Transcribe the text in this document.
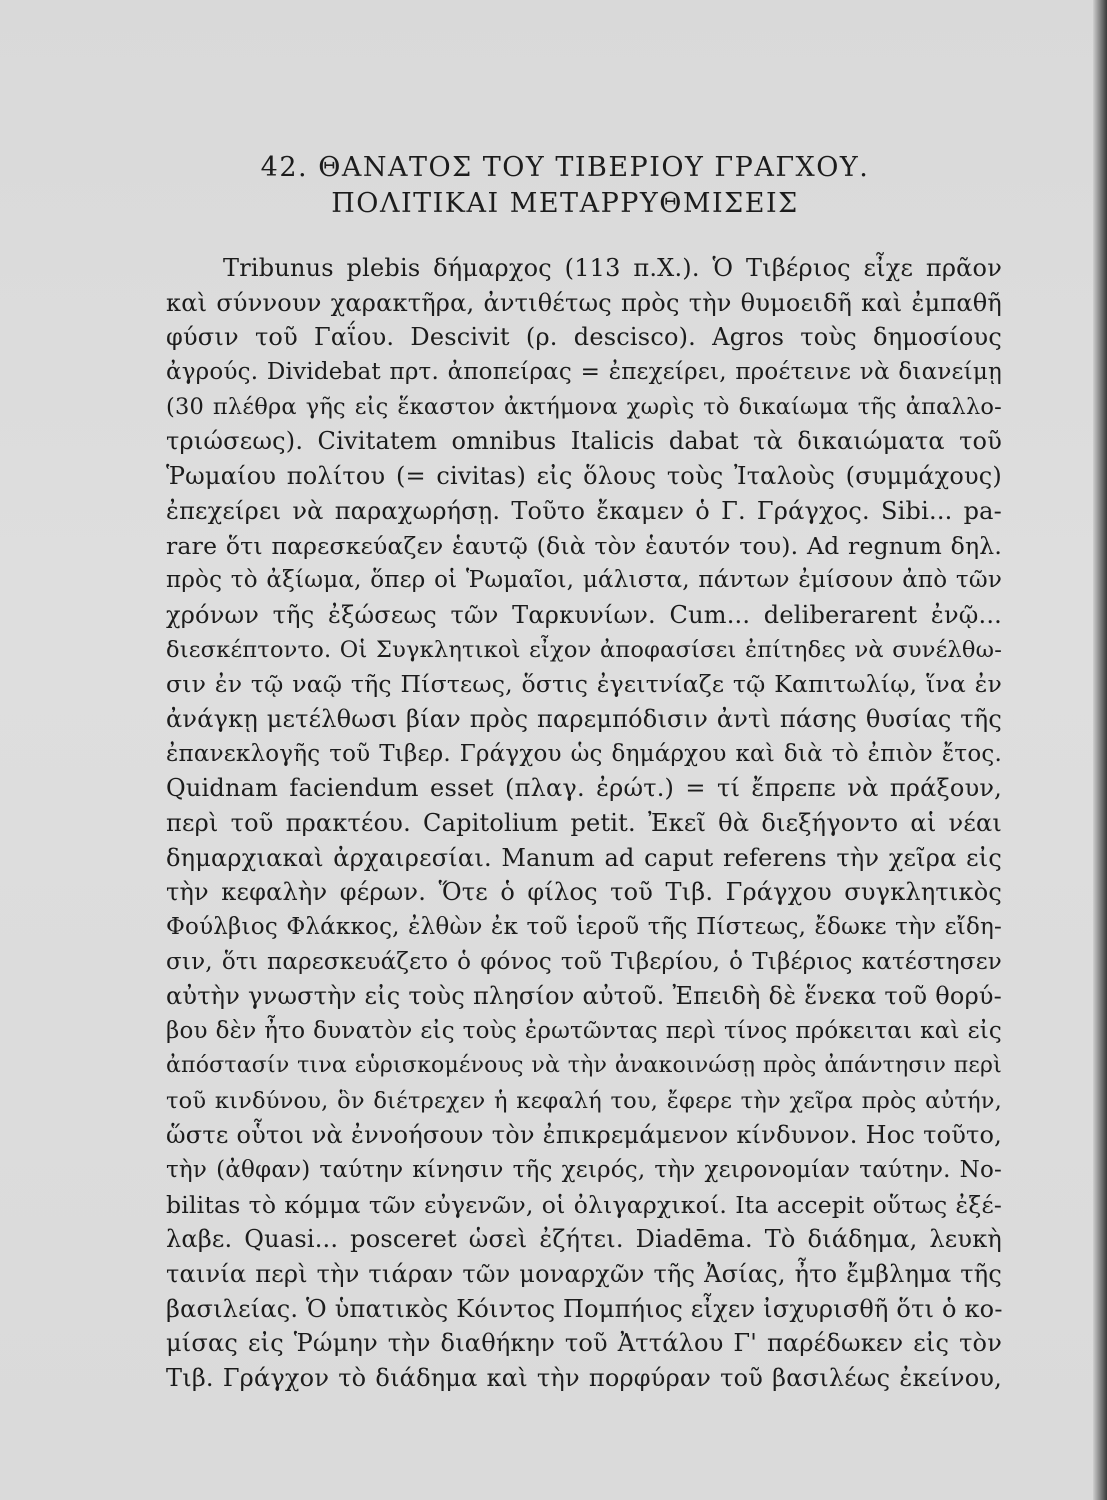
42. ΘΑΝΑΤΟΣ ΤΟΥ ΤΙΒΕΡΙΟΥ ΓΡΑΓΧΟΥ.
ΠΟΛΙΤΙΚΑΙ ΜΕΤΑΡΡΥΘΜΙΣΕΙΣ
Tribunus plebis δήμαρχος (113 π.Χ.). Ὁ Τιβέριος εἶχε πρᾶον
καὶ σύννουν χαρακτῆρα, ἀντιθέτως πρὸς τὴν θυμοειδῆ καὶ ἐμπαθῆ
φύσιν τοῦ Γαΐου. Descivit (ρ. descisco). Agros τοὺς δημοσίους
ἀγρούς. Dividebat πρτ. ἀποπείρας = ἐπεχείρει, προέτεινε νὰ διανείμῃ
(30 πλέθρα γῆς εἰς ἕκαστον ἀκτήμονα χωρὶς τὸ δικαίωμα τῆς ἀπαλλο-
τριώσεως). Civitatem omnibus Italicis dabat τὰ δικαιώματα τοῦ
Ῥωμαίου πολίτου (= civitas) εἰς ὅλους τοὺς Ἰταλοὺς (συμμάχους)
ἐπεχείρει νὰ παραχωρήσῃ. Τοῦτο ἔκαμεν ὁ Γ. Γράγχος. Sibi... pa-
rare ὅτι παρεσκεύαζεν ἑαυτῷ (διὰ τὸν ἑαυτόν του). Ad regnum δηλ.
πρὸς τὸ ἀξίωμα, ὅπερ οἱ Ῥωμαῖοι, μάλιστα, πάντων ἐμίσουν ἀπὸ τῶν
χρόνων τῆς ἐξώσεως τῶν Ταρκυνίων. Cum... deliberarent ἐνῷ...
διεσκέπτοντο. Οἱ Συγκλητικοὶ εἶχον ἀποφασίσει ἐπίτηδες νὰ συνέλθω-
σιν ἐν τῷ ναῷ τῆς Πίστεως, ὅστις ἐγειτνίαζε τῷ Καπιτωλίῳ, ἵνα ἐν
ἀνάγκῃ μετέλθωσι βίαν πρὸς παρεμπόδισιν ἀντὶ πάσης θυσίας τῆς
ἐπανεκλογῆς τοῦ Τιβερ. Γράγχου ὡς δημάρχου καὶ διὰ τὸ ἐπιὸν ἔτος.
Quidnam faciendum esset (πλαγ. ἐρώτ.) = τί ἔπρεπε νὰ πράξουν,
περὶ τοῦ πρακτέου. Capitolium petit. Ἐκεῖ θὰ διεξήγοντο αἱ νέαι
δημαρχιακαὶ ἀρχαιρεσίαι. Manum ad caput referens τὴν χεῖρα εἰς
τὴν κεφαλὴν φέρων. Ὅτε ὁ φίλος τοῦ Τιβ. Γράγχου συγκλητικὸς
Φούλβιος Φλάκκος, ἐλθὼν ἐκ τοῦ ἱεροῦ τῆς Πίστεως, ἔδωκε τὴν εἴδη-
σιν, ὅτι παρεσκευάζετο ὁ φόνος τοῦ Τιβερίου, ὁ Τιβέριος κατέστησεν
αὐτὴν γνωστὴν εἰς τοὺς πλησίον αὐτοῦ. Ἐπειδὴ δὲ ἕνεκα τοῦ θορύ-
βου δὲν ἦτο δυνατὸν εἰς τοὺς ἐρωτῶντας περὶ τίνος πρόκειται καὶ εἰς
ἀπόστασίν τινα εὑρισκομένους νὰ τὴν ἀνακοινώσῃ πρὸς ἀπάντησιν περὶ
τοῦ κινδύνου, ὃν διέτρεχεν ἡ κεφαλή του, ἔφερε τὴν χεῖρα πρὸς αὐτήν,
ὥστε οὗτοι νὰ ἐννοήσουν τὸν ἐπικρεμάμενον κίνδυνον. Hoc τοῦτο,
τὴν (ἀθφαν) ταύτην κίνησιν τῆς χειρός, τὴν χειρονομίαν ταύτην. No-
bilitas τὸ κόμμα τῶν εὐγενῶν, οἱ ὀλιγαρχικοί. Ita accepit οὕτως ἐξέ-
λαβε. Quasi... posceret ὡσεὶ ἐζήτει. Diadēma. Τὸ διάδημα, λευκὴ
ταινία περὶ τὴν τιάραν τῶν μοναρχῶν τῆς Ἀσίας, ἦτο ἔμβλημα τῆς
βασιλείας. Ὁ ὑπατικὸς Κόιντος Πομπήιος εἶχεν ἰσχυρισθῆ ὅτι ὁ κο-
μίσας εἰς Ῥώμην τὴν διαθήκην τοῦ Ἀττάλου Γ' παρέδωκεν εἰς τὸν
Τιβ. Γράγχον τὸ διάδημα καὶ τὴν πορφύραν τοῦ βασιλέως ἐκείνου,
